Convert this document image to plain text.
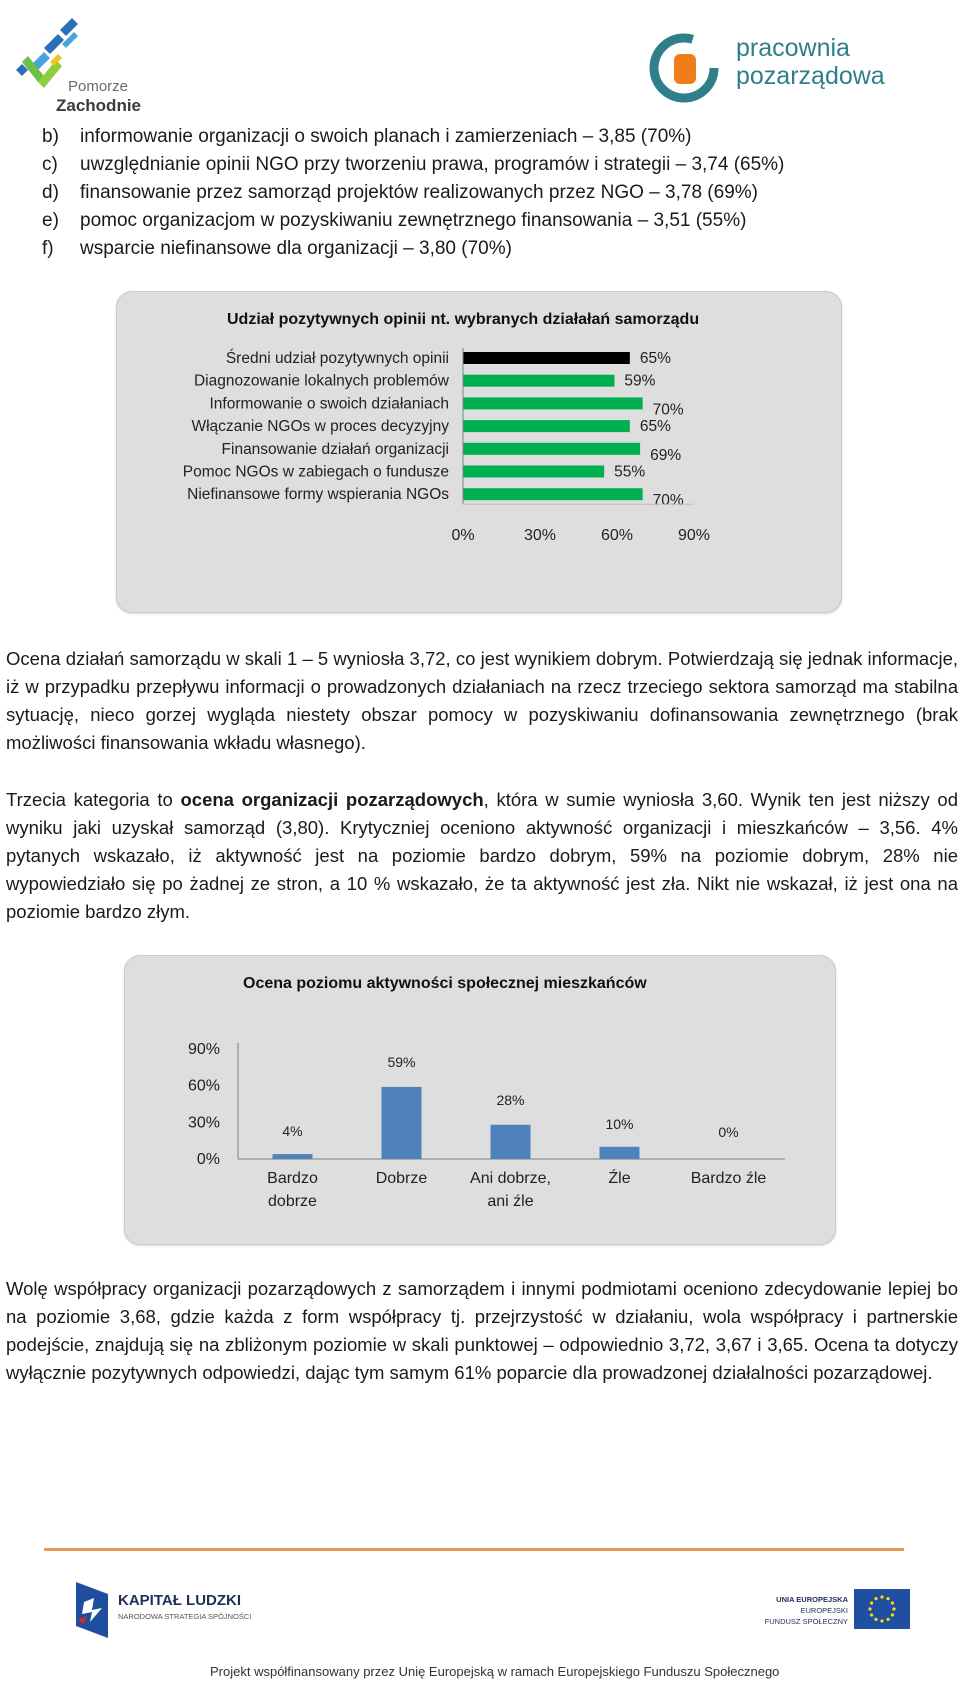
Pomorze
Zachodnie
pracownia
pozarządowa
b)	informowanie organizacji o swoich planach i zamierzeniach – 3,85 (70%)
c)	uwzględnianie opinii NGO przy tworzeniu prawa, programów i strategii – 3,74 (65%)
d)	finansowanie przez samorząd projektów realizowanych przez NGO – 3,78 (69%)
e)	pomoc organizacjom w pozyskiwaniu zewnętrznego finansowania – 3,51 (55%)
f)	wsparcie niefinansowe dla organizacji – 3,80 (70%)
Udział pozytywnych opinii nt. wybranych działałań samorządu
Średni udział pozytywnych opinii	65%
Diagnozowanie lokalnych problemów	59%
Informowanie o swoich działaniach	70%
Włączanie NGOs w proces decyzyjny	65%
Finansowanie działań organizacji	69%
Pomoc NGOs w zabiegach o fundusze	55%
Niefinansowe formy wspierania NGOs	70%
0%	30%	60%	90%
Ocena działań samorządu w skali 1 – 5 wyniosła 3,72, co jest wynikiem dobrym. Potwierdzają się jednak informacje, iż w przypadku przepływu informacji o prowadzonych działaniach na rzecz trzeciego sektora samorząd ma stabilna sytuację, nieco gorzej wygląda niestety obszar pomocy w pozyskiwaniu dofinansowania zewnętrznego (brak możliwości finansowania wkładu własnego).
Trzecia kategoria to ocena organizacji pozarządowych, która w sumie wyniosła 3,60. Wynik ten jest niższy od wyniku jaki uzyskał samorząd (3,80). Krytyczniej oceniono aktywność organizacji i mieszkańców – 3,56. 4% pytanych wskazało, iż aktywność jest na poziomie bardzo dobrym, 59% na poziomie dobrym, 28% nie wypowiedziało się po żadnej ze stron, a 10 % wskazało, że ta aktywność jest zła. Nikt nie wskazał, iż jest ona na poziomie bardzo złym.
Ocena poziomu aktywności społecznej mieszkańców
0%
30%
60%
90%
4%
Bardzo
dobrze
59%
Dobrze
28%
Ani dobrze,
ani źle
10%
Źle
0%
Bardzo źle
Wolę współpracy organizacji pozarządowych z samorządem i innymi podmiotami oceniono zdecydowanie lepiej bo na poziomie 3,68, gdzie każda z form współpracy tj. przejrzystość w działaniu, wola współpracy i partnerskie podejście, znajdują się na zbliżonym poziomie w skali punktowej – odpowiednio 3,72, 3,67 i 3,65. Ocena ta dotyczy wyłącznie pozytywnych odpowiedzi, dając tym samym 61% poparcie dla prowadzonej działalności pozarządowej.
KAPITAŁ LUDZKI
NARODOWA STRATEGIA SPÓJNOŚCI
UNIA EUROPEJSKA
EUROPEJSKI
FUNDUSZ SPOŁECZNY
Projekt współfinansowany przez Unię Europejską w ramach Europejskiego Funduszu Społecznego
